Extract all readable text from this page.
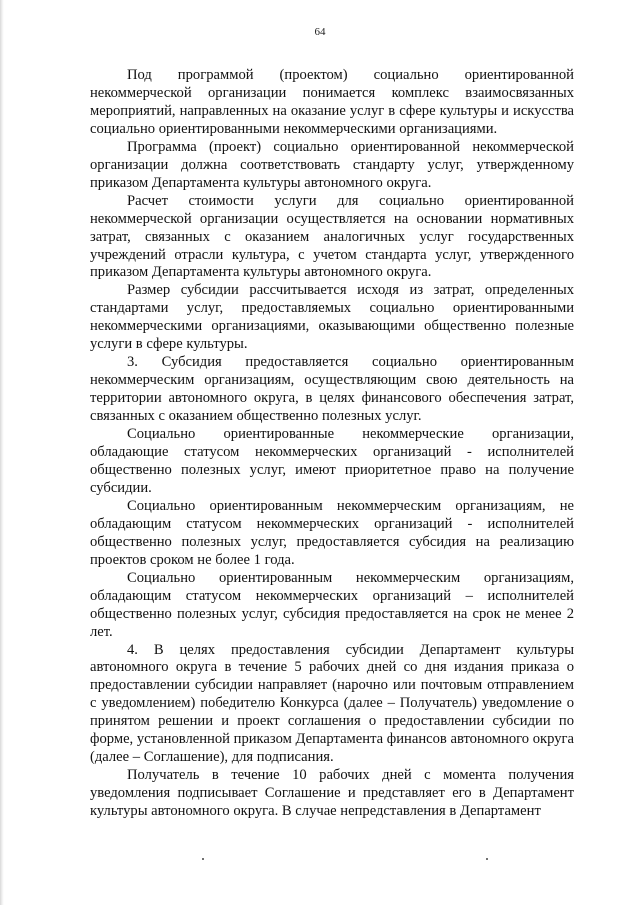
64

Под программой (проектом) социально ориентированной некоммерческой организации понимается комплекс взаимосвязанных мероприятий, направленных на оказание услуг в сфере культуры и искусства социально ориентированными некоммерческими организациями.

Программа (проект) социально ориентированной некоммерческой организации должна соответствовать стандарту услуг, утвержденному приказом Департамента культуры автономного округа.

Расчет стоимости услуги для социально ориентированной некоммерческой организации осуществляется на основании нормативных затрат, связанных с оказанием аналогичных услуг государственных учреждений отрасли культура, с учетом стандарта услуг, утвержденного приказом Департамента культуры автономного округа.

Размер субсидии рассчитывается исходя из затрат, определенных стандартами услуг, предоставляемых социально ориентированными некоммерческими организациями, оказывающими общественно полезные услуги в сфере культуры.

3. Субсидия предоставляется социально ориентированным некоммерческим организациям, осуществляющим свою деятельность на территории автономного округа, в целях финансового обеспечения затрат, связанных с оказанием общественно полезных услуг.

Социально ориентированные некоммерческие организации, обладающие статусом некоммерческих организаций - исполнителей общественно полезных услуг, имеют приоритетное право на получение субсидии.

Социально ориентированным некоммерческим организациям, не обладающим статусом некоммерческих организаций - исполнителей общественно полезных услуг, предоставляется субсидия на реализацию проектов сроком не более 1 года.

Социально ориентированным некоммерческим организациям, обладающим статусом некоммерческих организаций – исполнителей общественно полезных услуг, субсидия предоставляется на срок не менее 2 лет.

4. В целях предоставления субсидии Департамент культуры автономного округа в течение 5 рабочих дней со дня издания приказа о предоставлении субсидии направляет (нарочно или почтовым отправлением с уведомлением) победителю Конкурса (далее – Получатель) уведомление о принятом решении и проект соглашения о предоставлении субсидии по форме, установленной приказом Департамента финансов автономного округа (далее – Соглашение), для подписания.

Получатель в течение 10 рабочих дней с момента получения уведомления подписывает Соглашение и представляет его в Департамент культуры автономного округа. В случае непредставления в Департамент
